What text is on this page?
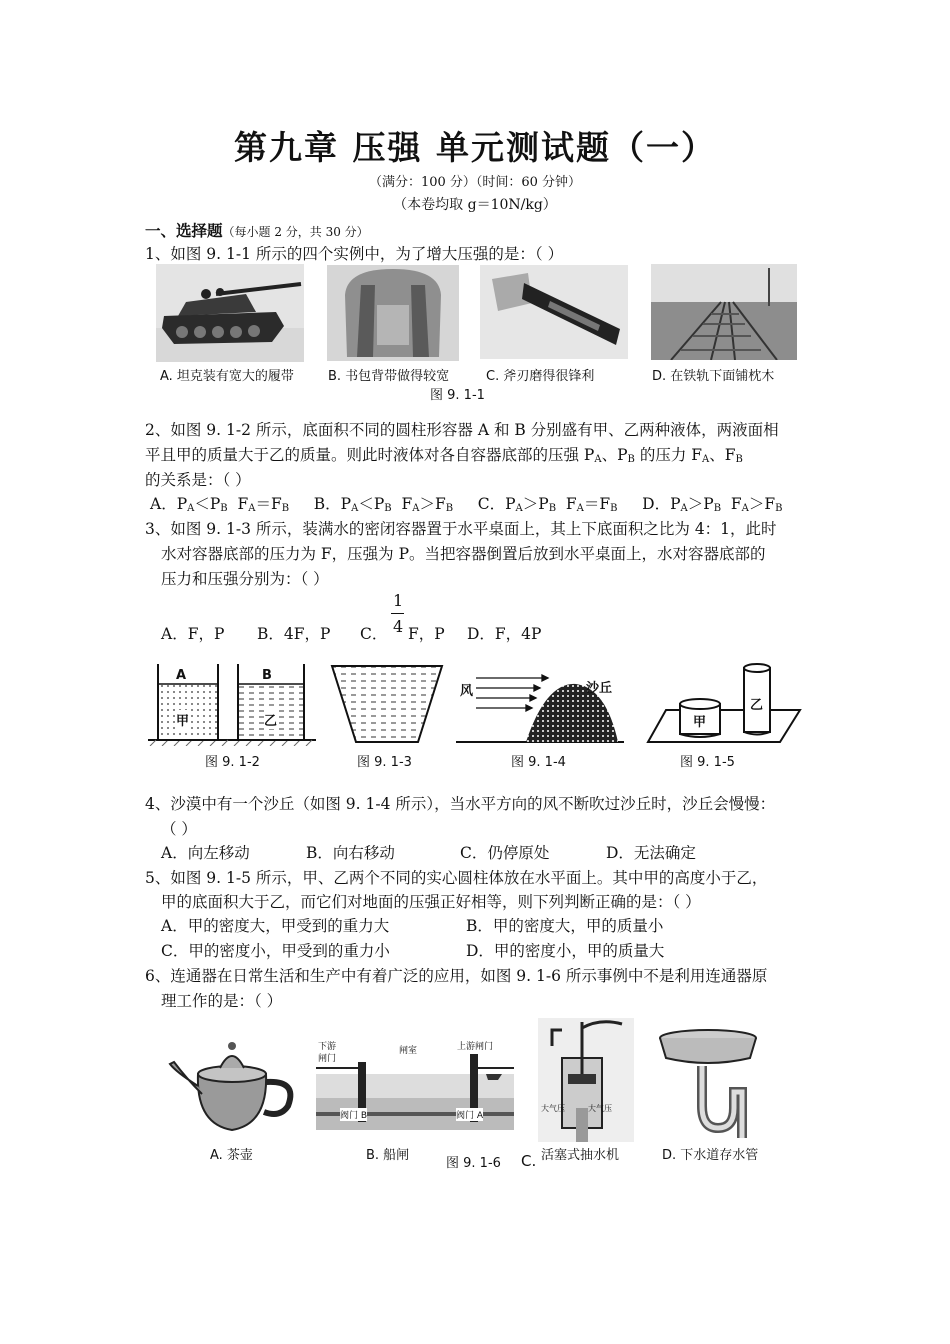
第九章 压强 单元测试题（一）
（满分：100 分）（时间：60 分钟）
（本卷均取 g＝10N/kg）
一、选择题（每小题 2 分，共 30 分）
1、如图 9. 1-1 所示的四个实例中，为了增大压强的是：（ ）
A. 坦克装有宽大的履带	B. 书包背带做得较宽	C. 斧刃磨得很锋利	D. 在铁轨下面铺枕木
图 9. 1-1
2、如图 9. 1-2 所示，底面积不同的圆柱形容器 A 和 B 分别盛有甲、乙两种液体，两液面相
平且甲的质量大于乙的质量。则此时液体对各自容器底部的压强 $P_A$、$P_B$ 的压力 $F_A$、$F_B$
的关系是：（ ）
A．$P_A<P_B$  $F_A=F_B$     B．$P_A<P_B$  $F_A>F_B$     C．$P_A>P_B$  $F_A=F_B$     D．$P_A>P_B$  $F_A>F_B$
3、如图 9. 1-3 所示，装满水的密闭容器置于水平桌面上，其上下底面积之比为 4：1，此时
水对容器底部的压力为 F，压强为 P。当把容器倒置后放到水平桌面上，水对容器底部的
压力和压强分别为：（ ）
1
4
A．F，P B．4F，P C． F，P D．F，4P
A	B
甲	乙
风	沙丘
甲
乙
图 9. 1-2	图 9. 1-3	图 9. 1-4	图 9. 1-5
4、沙漠中有一个沙丘（如图 9. 1-4 所示），当水平方向的风不断吹过沙丘时，沙丘会慢慢：
（ ）
A．向左移动	B．向右移动	C．仍停原处	D．无法确定
5、如图 9. 1-5 所示，甲、乙两个不同的实心圆柱体放在水平面上。其中甲的高度小于乙，
甲的底面积大于乙，而它们对地面的压强正好相等，则下列判断正确的是：（ ）
A．甲的密度大，甲受到的重力大	B．甲的密度大，甲的质量小
C．甲的密度小，甲受到的重力小	D．甲的密度小，甲的质量大
6、连通器在日常生活和生产中有着广泛的应用，如图 9. 1-6 所示事例中不是利用连通器原
理工作的是：（ ）
下游
闸门
闸室	上游闸门
阀门 B	阀门 A
大气压	大气压
A. 茶壶	B. 船闸	C. 活塞式抽水机	D. 下水道存水管
图 9. 1-6
